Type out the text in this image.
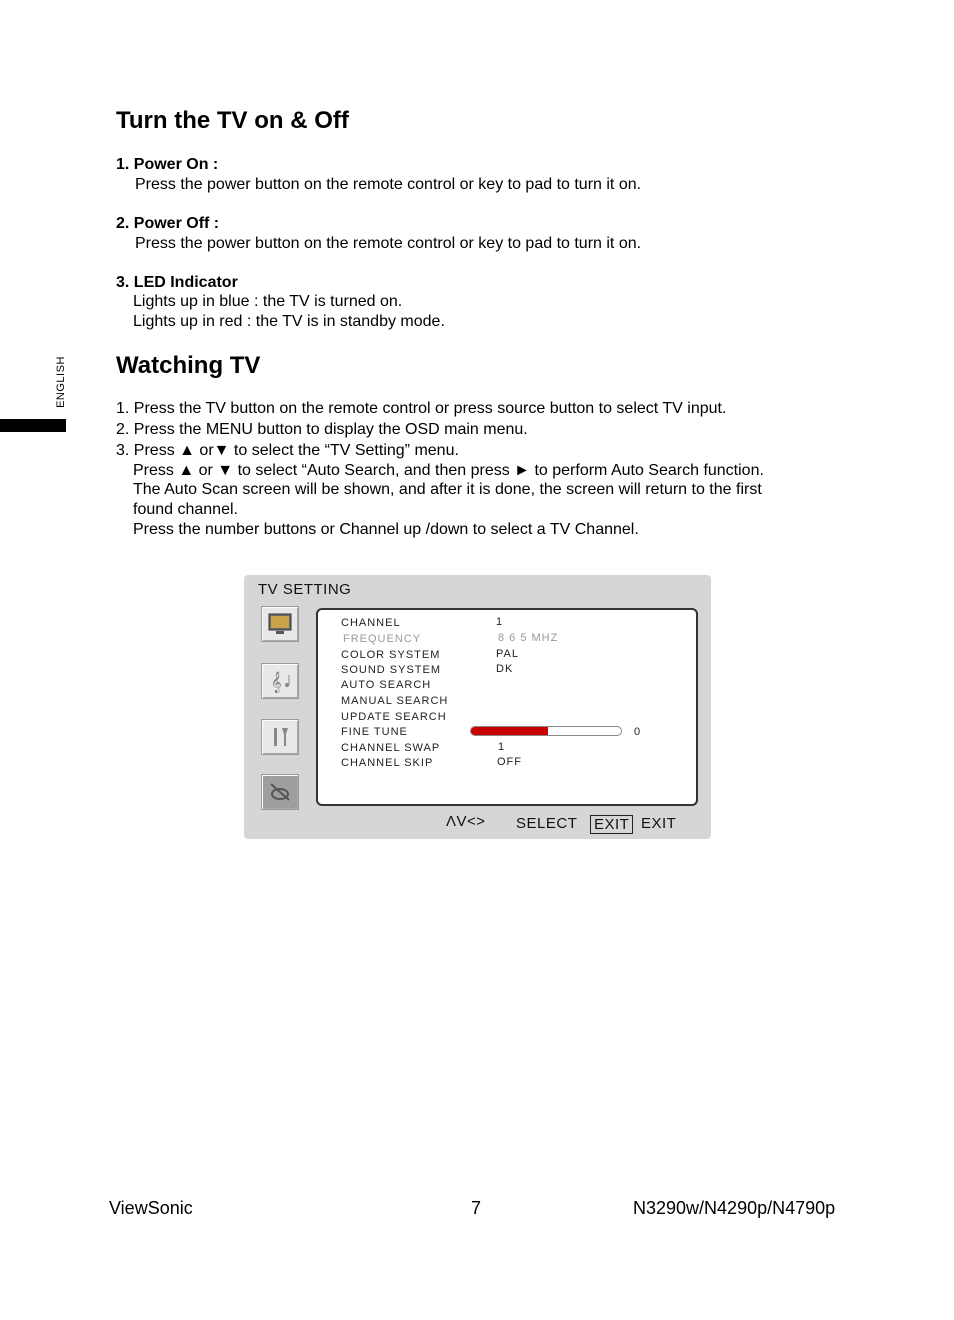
Turn the TV on & Off
1. Power On :
Press the power button on the remote control or key to pad to turn it on.
2. Power Off :
Press the power button on the remote control or key to pad to turn it on.
3. LED Indicator
Lights up in blue : the TV is turned on.
Lights up in red : the TV is in standby mode.
ENGLISH Watching TV
1. Press the TV button on the remote control or press source button to select TV input.
2. Press the MENU button to display the OSD main menu.
3. Press ▲ or▼ to select the “TV Setting” menu.
Press ▲ or ▼ to select “Auto Search, and then press ► to perform Auto Search function.
The Auto Scan screen will be shown, and after it is done, the screen will return to the first
found channel.
Press the number buttons or Channel up /down to select a TV Channel.
TV SETTING
𝄞
CHANNEL	1
FREQUENCY	8 6 5 MHZ
COLOR SYSTEM	PAL
SOUND SYSTEM	DK
AUTO SEARCH
MANUAL SEARCH
UPDATE SEARCH
FINE TUNE	0
CHANNEL SWAP	1
CHANNEL SKIP	OFF
ΛV<> SELECT EXIT EXIT
ViewSonic	7	N3290w/N4290p/N4790p
